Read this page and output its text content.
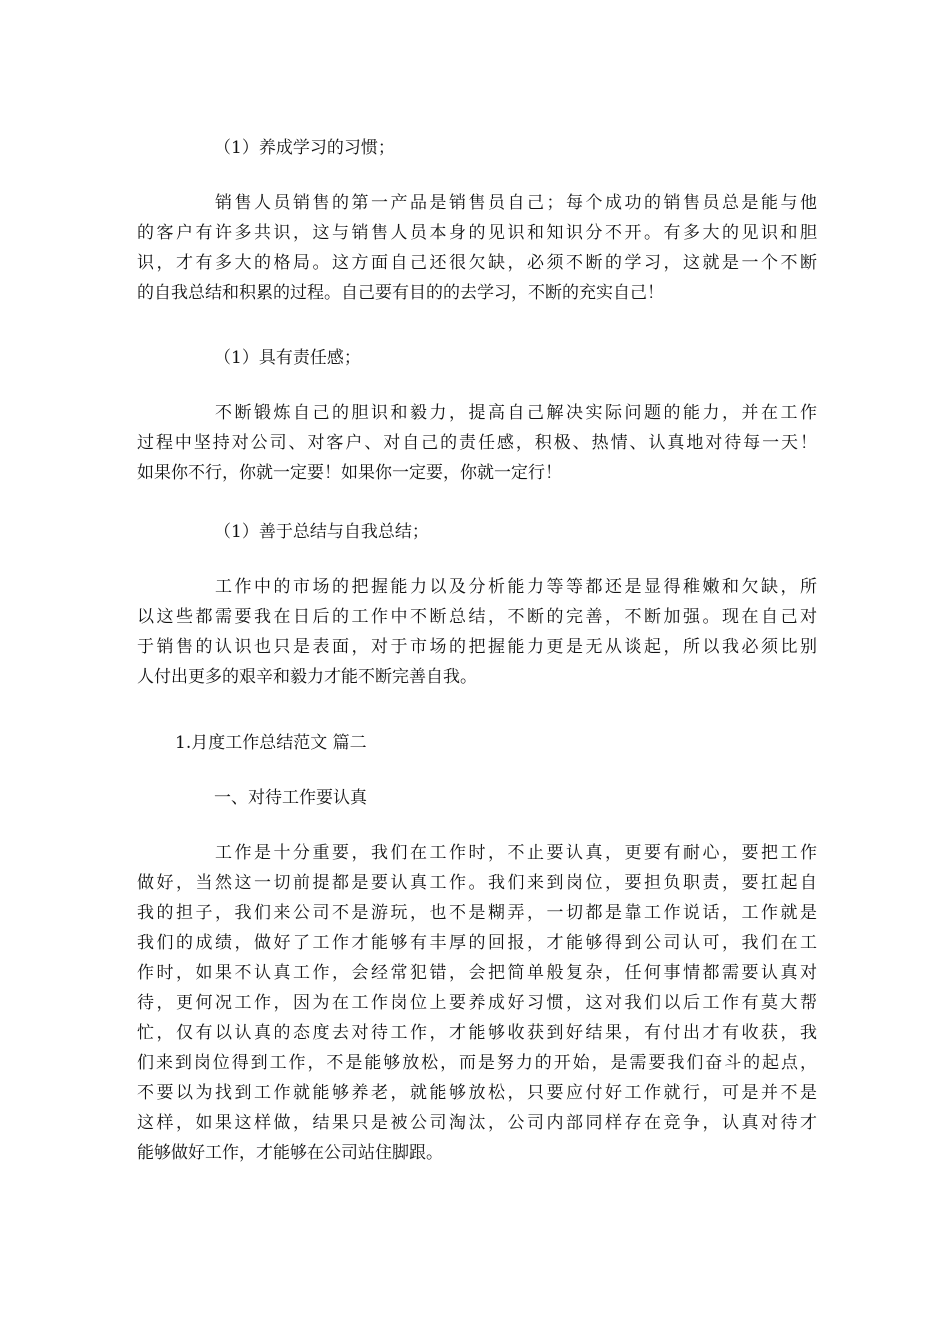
（1）养成学习的习惯；
销售人员销售的第一产品是销售员自己；每个成功的销售员总是能与他
的客户有许多共识，这与销售人员本身的见识和知识分不开。有多大的见识和胆
识，才有多大的格局。这方面自己还很欠缺，必须不断的学习，这就是一个不断
的自我总结和积累的过程。自己要有目的的去学习，不断的充实自己！
（1）具有责任感；
不断锻炼自己的胆识和毅力，提高自己解决实际问题的能力，并在工作
过程中坚持对公司、对客户、对自己的责任感，积极、热情、认真地对待每一天！
如果你不行，你就一定要！如果你一定要，你就一定行！
（1）善于总结与自我总结；
工作中的市场的把握能力以及分析能力等等都还是显得稚嫩和欠缺，所
以这些都需要我在日后的工作中不断总结，不断的完善，不断加强。现在自己对
于销售的认识也只是表面，对于市场的把握能力更是无从谈起，所以我必须比别
人付出更多的艰辛和毅力才能不断完善自我。
1.月度工作总结范文 篇二
一、对待工作要认真
工作是十分重要，我们在工作时，不止要认真，更要有耐心，要把工作
做好，当然这一切前提都是要认真工作。我们来到岗位，要担负职责，要扛起自
我的担子，我们来公司不是游玩，也不是糊弄，一切都是靠工作说话，工作就是
我们的成绩，做好了工作才能够有丰厚的回报，才能够得到公司认可，我们在工
作时，如果不认真工作，会经常犯错，会把简单般复杂，任何事情都需要认真对
待，更何况工作，因为在工作岗位上要养成好习惯，这对我们以后工作有莫大帮
忙，仅有以认真的态度去对待工作，才能够收获到好结果，有付出才有收获，我
们来到岗位得到工作，不是能够放松，而是努力的开始，是需要我们奋斗的起点，
不要以为找到工作就能够养老，就能够放松，只要应付好工作就行，可是并不是
这样，如果这样做，结果只是被公司淘汰，公司内部同样存在竞争，认真对待才
能够做好工作，才能够在公司站住脚跟。
